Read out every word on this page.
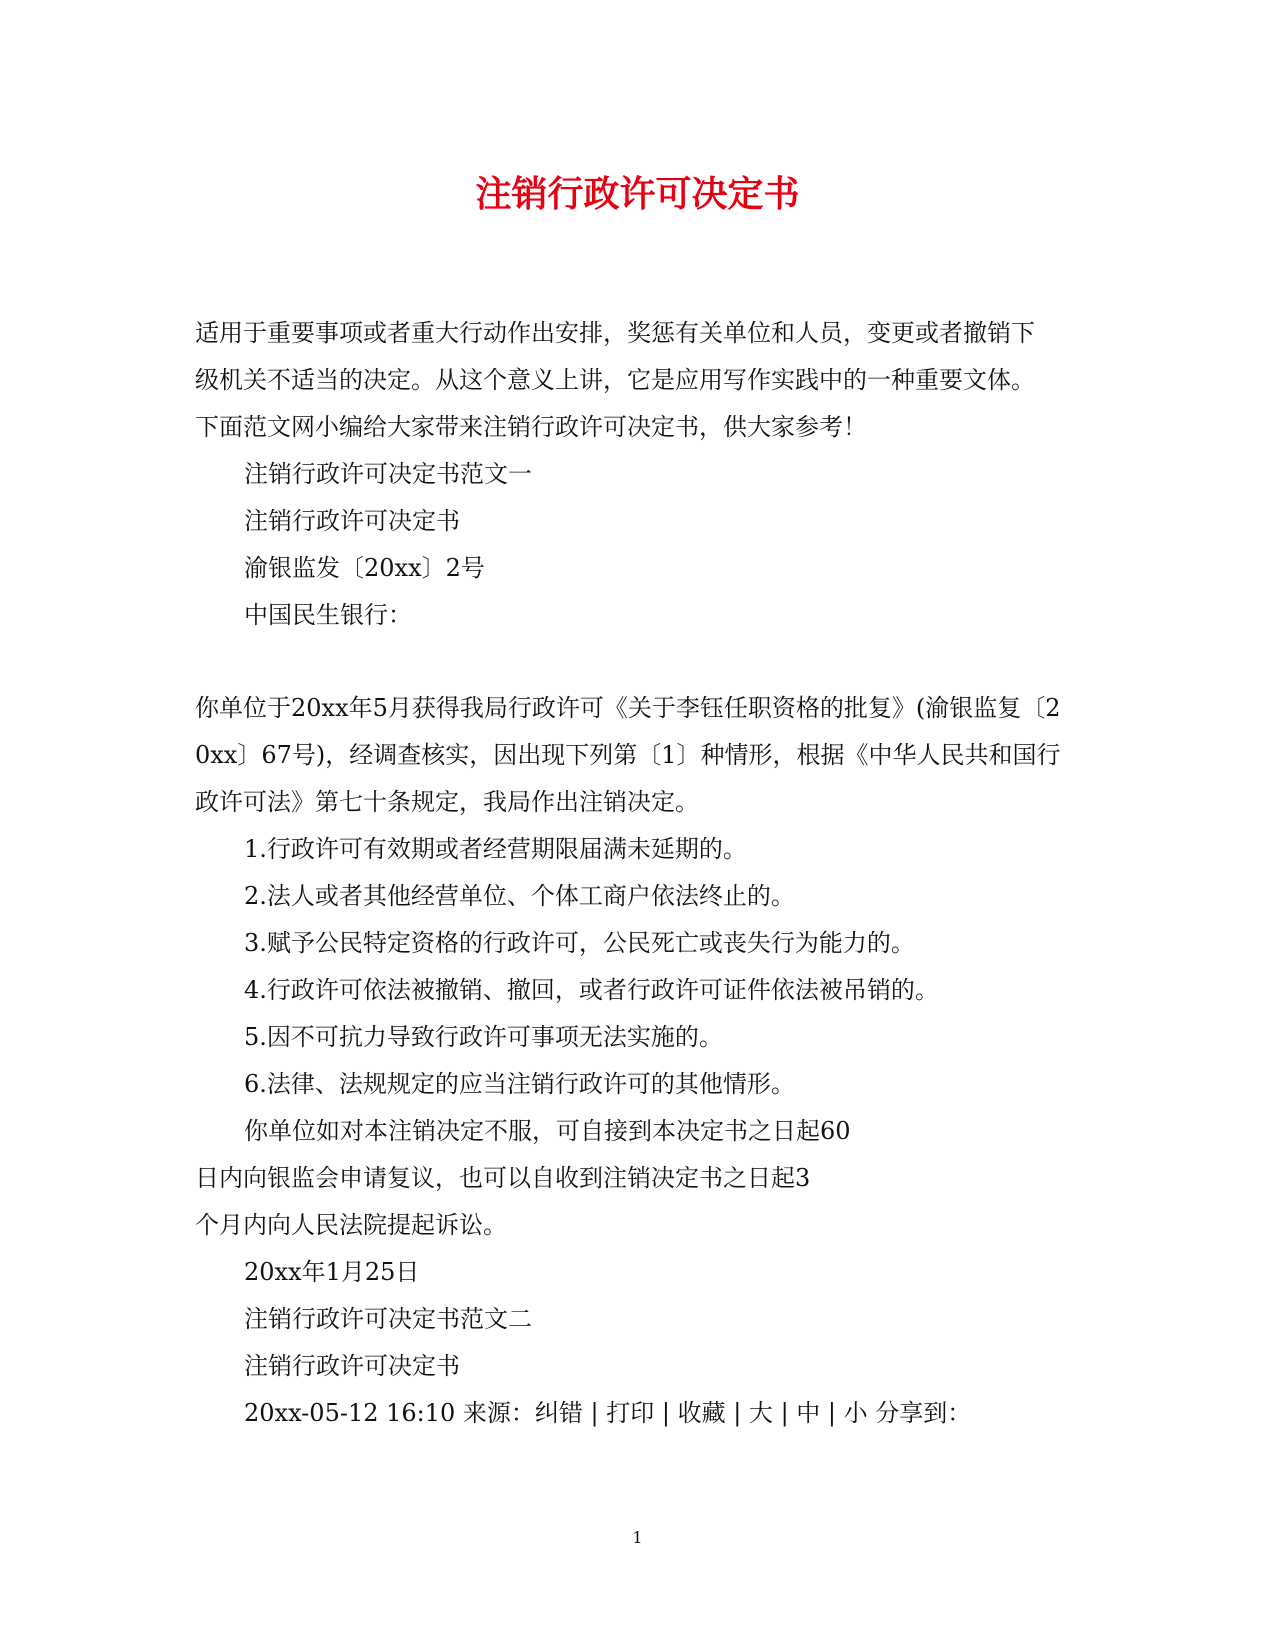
注销行政许可决定书
适用于重要事项或者重大行动作出安排，奖惩有关单位和人员，变更或者撤销下
级机关不适当的决定。从这个意义上讲，它是应用写作实践中的一种重要文体。
下面范文网小编给大家带来注销行政许可决定书，供大家参考！
注销行政许可决定书范文一
注销行政许可决定书
渝银监发〔20xx〕2号
中国民生银行：
你单位于20xx年5月获得我局行政许可《关于李钰任职资格的批复》(渝银监复〔2
0xx〕67号)，经调查核实，因出现下列第〔1〕种情形，根据《中华人民共和国行
政许可法》第七十条规定，我局作出注销决定。
1.行政许可有效期或者经营期限届满未延期的。
2.法人或者其他经营单位、个体工商户依法终止的。
3.赋予公民特定资格的行政许可，公民死亡或丧失行为能力的。
4.行政许可依法被撤销、撤回，或者行政许可证件依法被吊销的。
5.因不可抗力导致行政许可事项无法实施的。
6.法律、法规规定的应当注销行政许可的其他情形。
你单位如对本注销决定不服，可自接到本决定书之日起60
日内向银监会申请复议，也可以自收到注销决定书之日起3
个月内向人民法院提起诉讼。
20xx年1月25日
注销行政许可决定书范文二
注销行政许可决定书
20xx-05-12 16:10 来源：纠错 | 打印 | 收藏 | 大 | 中 | 小 分享到：
1
